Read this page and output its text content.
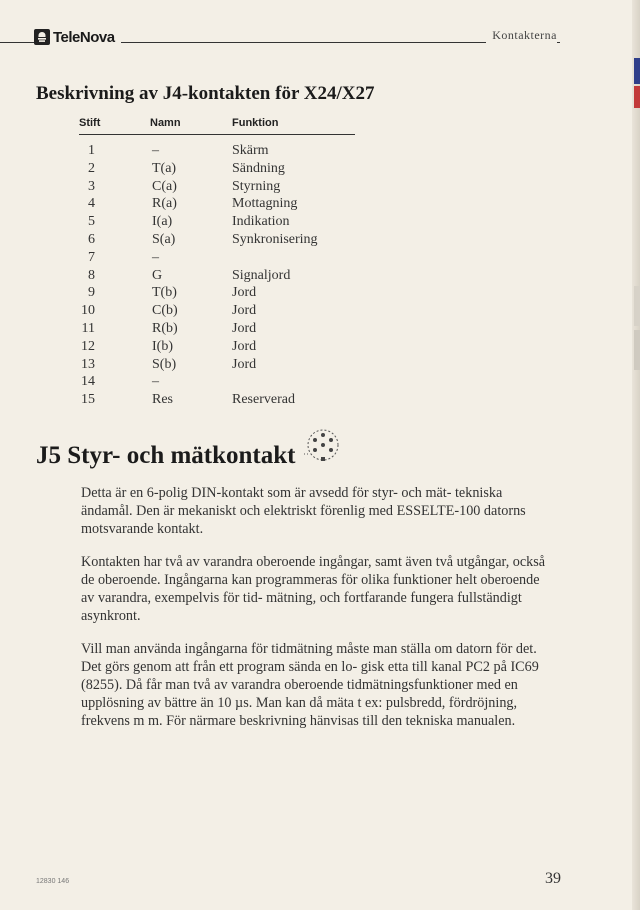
TeleNova	Kontakterna
Beskrivning av J4-kontakten för X24/X27
Stift	Namn	Funktion
1	–	Skärm
2	T(a)	Sändning
3	C(a)	Styrning
4	R(a)	Mottagning
5	I(a)	Indikation
6	S(a)	Synkronisering
7	–
8	G	Signaljord
9	T(b)	Jord
10	C(b)	Jord
11	R(b)	Jord
12	I(b)	Jord
13	S(b)	Jord
14	–
15	Res	Reserverad
J5 Styr- och mätkontakt

Detta är en 6-polig DIN-kontakt som är avsedd för styr- och mät- tekniska ändamål. Den är mekaniskt och elektriskt förenlig med ESSELTE-100 datorns motsvarande kontakt.

Kontakten har två av varandra oberoende ingångar, samt även två utgångar, också de oberoende. Ingångarna kan programmeras för olika funktioner helt oberoende av varandra, exempelvis för tid- mätning, och fortfarande fungera fullständigt asynkront.

Vill man använda ingångarna för tidmätning måste man ställa om datorn för det. Det görs genom att från ett program sända en lo- gisk etta till kanal PC2 på IC69 (8255). Då får man två av varandra oberoende tidmätningsfunktioner med en upplösning av bättre än 10 µs. Man kan då mäta t ex: pulsbredd, fördröjning, frekvens m m. För närmare beskrivning hänvisas till den tekniska manualen.

12830 146	39
